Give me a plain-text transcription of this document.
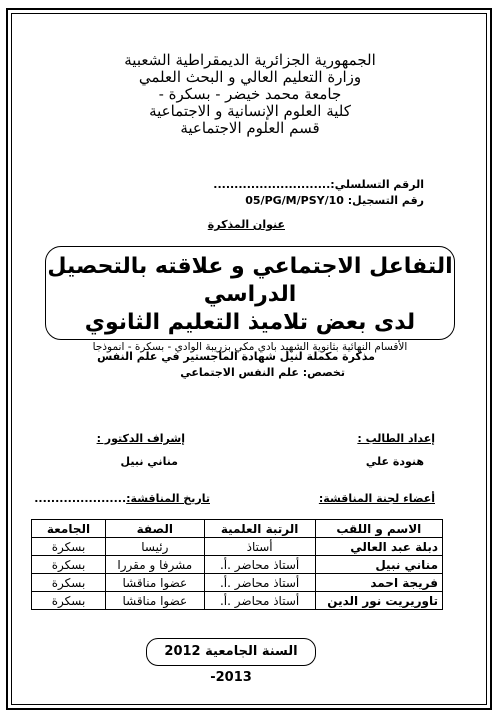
الجمهورية الجزائرية الديمقراطية الشعبية
وزارة التعليم العالي و البحث العلمي
جامعة محمد خيضر - بسكرة -
كلية العلوم الإنسانية و الاجتماعية
قسم العلوم الاجتماعية
الرقم التسلسلي:............................
رقم التسجيل: 05/PG/M/PSY/10
عنوان المذكرة
التفاعل الاجتماعي و علاقته بالتحصيل الدراسي
لدى بعض تلاميذ التعليم الثانوي
الأقسام النهائية بثانوية الشهيد بادي مكي بزريبة الوادي - بسكرة - انموذجا
مذكرة مكملة لنيل شهادة الماجستير في علم النفس
تخصص: علم النفس الاجتماعي
إعداد الطالب :
هنودة علي
إشراف الدكتور :
مناني نبيل
أعضاء لجنة المناقشة:
تاريخ المناقشة:......................
الاسم و اللقب	الرتبة العلمية	الصفة	الجامعة
دبلة عبد العالي	أستاذ	رئيسا	بسكرة
مناني نبيل	أستاذ محاضر .أ.	مشرفا و مقررا	بسكرة
فريجة احمد	أستاذ محاضر .أ.	عضوا مناقشا	بسكرة
تاوريريت نور الدين	أستاذ محاضر .أ.	عضوا مناقشا	بسكرة
السنة الجامعية 2012 -2013
